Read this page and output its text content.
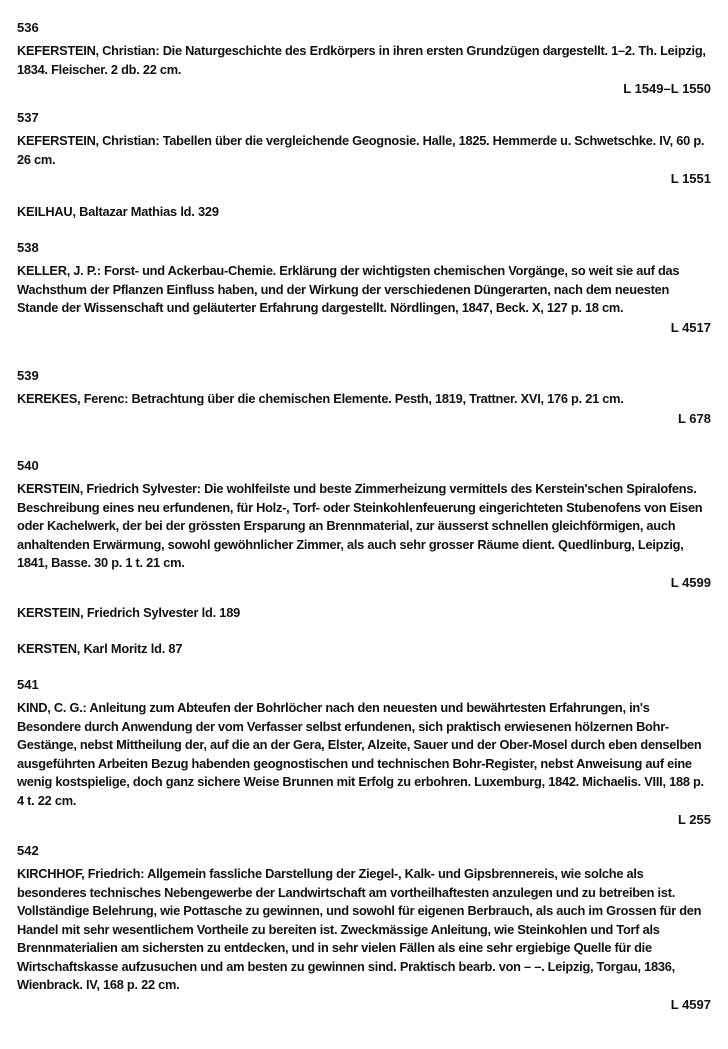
536
KEFERSTEIN, Christian: Die Naturgeschichte des Erdkörpers in ihren ersten Grundzügen dargestellt. 1–2. Th. Leipzig, 1834. Fleischer. 2 db. 22 cm.
L 1549–L 1550
537
KEFERSTEIN, Christian: Tabellen über die vergleichende Geognosie. Halle, 1825. Hemmerde u. Schwetschke. IV, 60 p. 26 cm.
L 1551
KEILHAU, Baltazar Mathias ld. 329
538
KELLER, J. P.: Forst- und Ackerbau-Chemie. Erklärung der wichtigsten chemischen Vorgänge, so weit sie auf das Wachsthum der Pflanzen Einfluss haben, und der Wirkung der verschiedenen Düngerarten, nach dem neuesten Stande der Wissenschaft und geläuterter Erfahrung dargestellt. Nördlingen, 1847, Beck. X, 127 p. 18 cm.
L 4517
539
KEREKES, Ferenc: Betrachtung über die chemischen Elemente. Pesth, 1819, Trattner. XVI, 176 p. 21 cm.
L 678
540
KERSTEIN, Friedrich Sylvester: Die wohlfeilste und beste Zimmerheizung vermittels des Kerstein'schen Spiralofens. Beschreibung eines neu erfundenen, für Holz-, Torf- oder Steinkohlenfeuerung eingerichteten Stubenofens von Eisen oder Kachelwerk, der bei der grössten Ersparung an Brennmaterial, zur äusserst schnellen gleichförmigen, auch anhaltenden Erwärmung, sowohl gewöhnlicher Zimmer, als auch sehr grosser Räume dient. Quedlinburg, Leipzig, 1841, Basse. 30 p. 1 t. 21 cm.
L 4599
KERSTEIN, Friedrich Sylvester ld. 189
KERSTEN, Karl Moritz ld. 87
541
KIND, C. G.: Anleitung zum Abteufen der Bohrlöcher nach den neuesten und bewährtesten Erfahrungen, in's Besondere durch Anwendung der vom Verfasser selbst erfundenen, sich praktisch erwiesenen hölzernen Bohr-Gestänge, nebst Mittheilung der, auf die an der Gera, Elster, Alzeite, Sauer und der Ober-Mosel durch eben denselben ausgeführten Arbeiten Bezug habenden geognostischen und technischen Bohr-Register, nebst Anweisung auf eine wenig kostspielige, doch ganz sichere Weise Brunnen mit Erfolg zu erbohren. Luxemburg, 1842. Michaelis. VIII, 188 p. 4 t. 22 cm.
L 255
542
KIRCHHOF, Friedrich: Allgemein fassliche Darstellung der Ziegel-, Kalk- und Gipsbrennereis, wie solche als besonderes technisches Nebengewerbe der Landwirtschaft am vortheilhaftesten anzulegen und zu betreiben ist. Vollständige Belehrung, wie Pottasche zu gewinnen, und sowohl für eigenen Berbrauch, als auch im Grossen für den Handel mit sehr wesentlichem Vortheile zu bereiten ist. Zweckmässige Anleitung, wie Steinkohlen und Torf als Brennmaterialien am sichersten zu entdecken, und in sehr vielen Fällen als eine sehr ergiebige Quelle für die Wirtschaftskasse aufzusuchen und am besten zu gewinnen sind. Praktisch bearb. von – –. Leipzig, Torgau, 1836, Wienbrack. IV, 168 p. 22 cm.
L 4597
